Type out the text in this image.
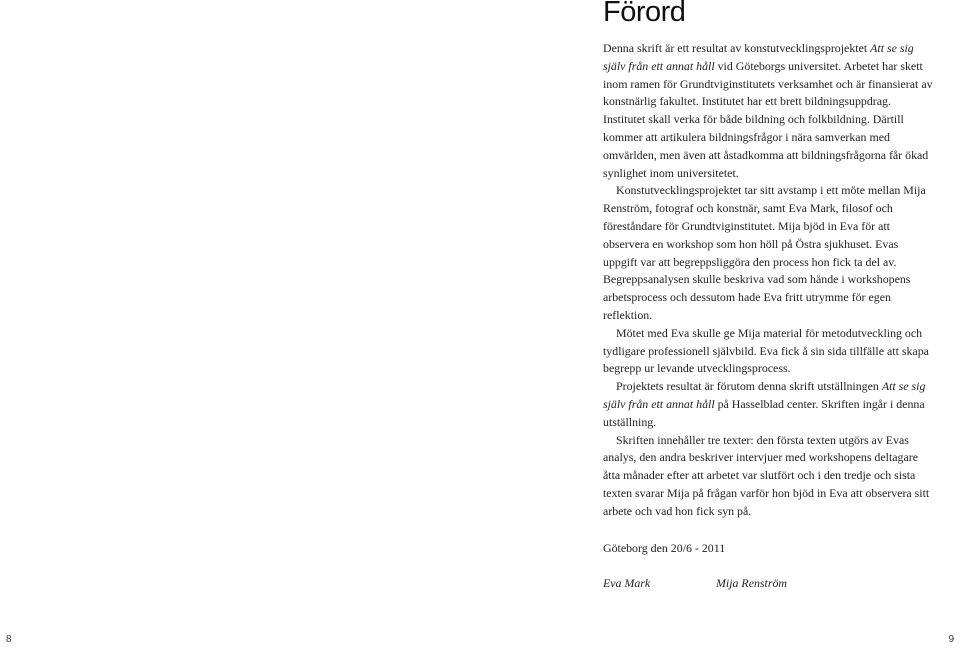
Förord

Denna skrift är ett resultat av konstutvecklingsprojektet Att se sig själv från ett annat håll vid Göteborgs universitet. Arbetet har skett inom ramen för Grundtviginstitutets verksamhet och är finansierat av konstnärlig fakultet. Institutet har ett brett bildningsuppdrag. Institutet skall verka för både bildning och folkbildning. Därtill kommer att artikulera bildningsfrågor i nära samverkan med omvärlden, men även att åstadkomma att bildningsfrågorna får ökad synlighet inom universitetet.

Konstutvecklingsprojektet tar sitt avstamp i ett möte mellan Mija Renström, fotograf och konstnär, samt Eva Mark, filosof och föreståndare för Grundtviginstitutet. Mija bjöd in Eva för att observera en workshop som hon höll på Östra sjukhuset. Evas uppgift var att begreppsliggöra den process hon fick ta del av. Begreppsanalysen skulle beskriva vad som hände i workshopens arbetsprocess och dessutom hade Eva fritt utrymme för egen reflektion.

Mötet med Eva skulle ge Mija material för metodutveckling och tydligare professionell självbild. Eva fick å sin sida tillfälle att skapa begrepp ur levande utvecklingsprocess.

Projektets resultat är förutom denna skrift utställningen Att se sig själv från ett annat håll på Hasselblad center. Skriften ingår i denna utställning.

Skriften innehåller tre texter: den första texten utgörs av Evas analys, den andra beskriver intervjuer med workshopens deltagare åtta månader efter att arbetet var slutfört och i den tredje och sista texten svarar Mija på frågan varför hon bjöd in Eva att observera sitt arbete och vad hon fick syn på.

Göteborg den 20/6 - 2011
Eva Mark	Mija Renström
8	9
